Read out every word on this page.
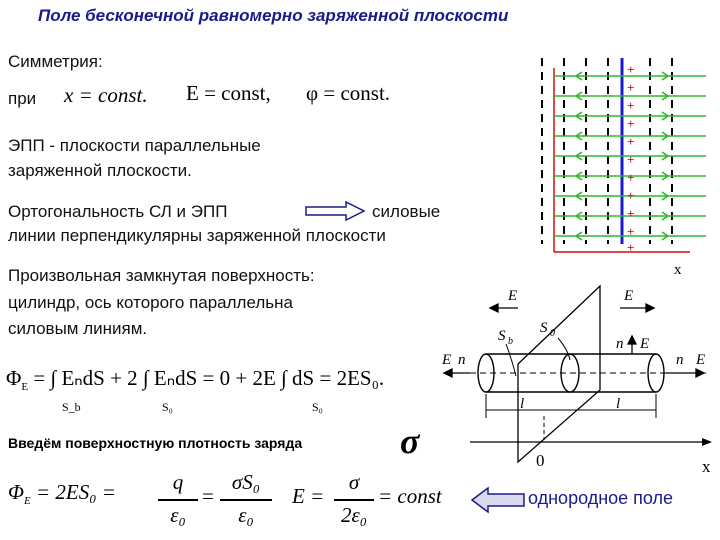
Поле бесконечной равномерно заряженной плоскости
Симметрия:
при x = const. E = const, φ = const.
ЭПП - плоскости параллельные
заряженной плоскости.
Ортогональность СЛ и ЭПП	силовые
линии перпендикулярны заряженной плоскости
Произвольная замкнутая поверхность:
цилиндр, ось которого параллельна
силовым линиям.
$\Phi_E$ = ∫ EₙdS + 2 ∫ EₙdS = 0 + 2E ∫ dS = 2ES₀.
S_b	S₀	S₀
Введём поверхностную плотность заряда	σ
$\Phi_E = 2ES_0$ =	q
ε₀
=
σS₀
ε₀
E =
σ
2ε₀
= const	однородное поле
+
+
+
+
+
+
+
+
+
+
+
x
E	E
S b
S 0
n E
E n	n E
l	l
0	x
